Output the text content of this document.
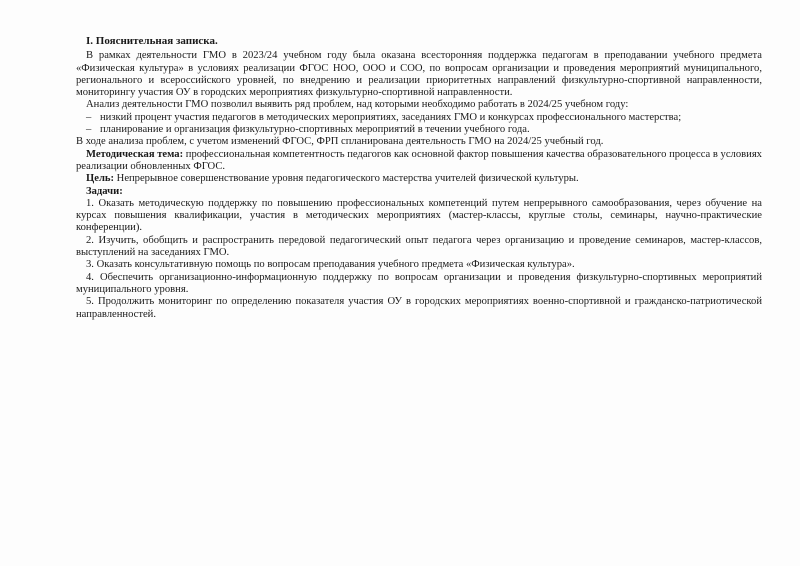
I. Пояснительная записка.

В рамках деятельности ГМО в 2023/24 учебном году была оказана всесторонняя поддержка педагогам в преподавании учебного предмета «Физическая культура» в условиях реализации ФГОС НОО, ООО и СОО, по вопросам организации и проведения мероприятий муниципального, регионального и всероссийского уровней, по внедрению и реализации приоритетных направлений физкультурно-спортивной направленности, мониторингу участия ОУ в городских мероприятиях физкультурно-спортивной направленности.

Анализ деятельности ГМО позволил выявить ряд проблем, над которыми необходимо работать в 2024/25 учебном году:

– низкий процент участия педагогов в методических мероприятиях, заседаниях ГМО и конкурсах профессионального мастерства;

– планирование и организация физкультурно-спортивных мероприятий в течении учебного года.

В ходе анализа проблем, с учетом изменений ФГОС, ФРП спланирована деятельность ГМО на 2024/25 учебный год.

Методическая тема: профессиональная компетентность педагогов как основной фактор повышения качества образовательного процесса в условиях реализации обновленных ФГОС.

Цель: Непрерывное совершенствование уровня педагогического мастерства учителей физической культуры.

Задачи:

1. Оказать методическую поддержку по повышению профессиональных компетенций путем непрерывного самообразования, через обучение на курсах повышения квалификации, участия в методических мероприятиях (мастер-классы, круглые столы, семинары, научно-практические конференции).

2. Изучить, обобщить и распространить передовой педагогический опыт педагога через организацию и проведение семинаров, мастер-классов, выступлений на заседаниях ГМО.

3. Оказать консультативную помощь по вопросам преподавания учебного предмета «Физическая культура».

4. Обеспечить организационно-информационную поддержку по вопросам организации и проведения физкультурно-спортивных мероприятий муниципального уровня.

5. Продолжить мониторинг по определению показателя участия ОУ в городских мероприятиях военно-спортивной и гражданско-патриотической направленностей.
